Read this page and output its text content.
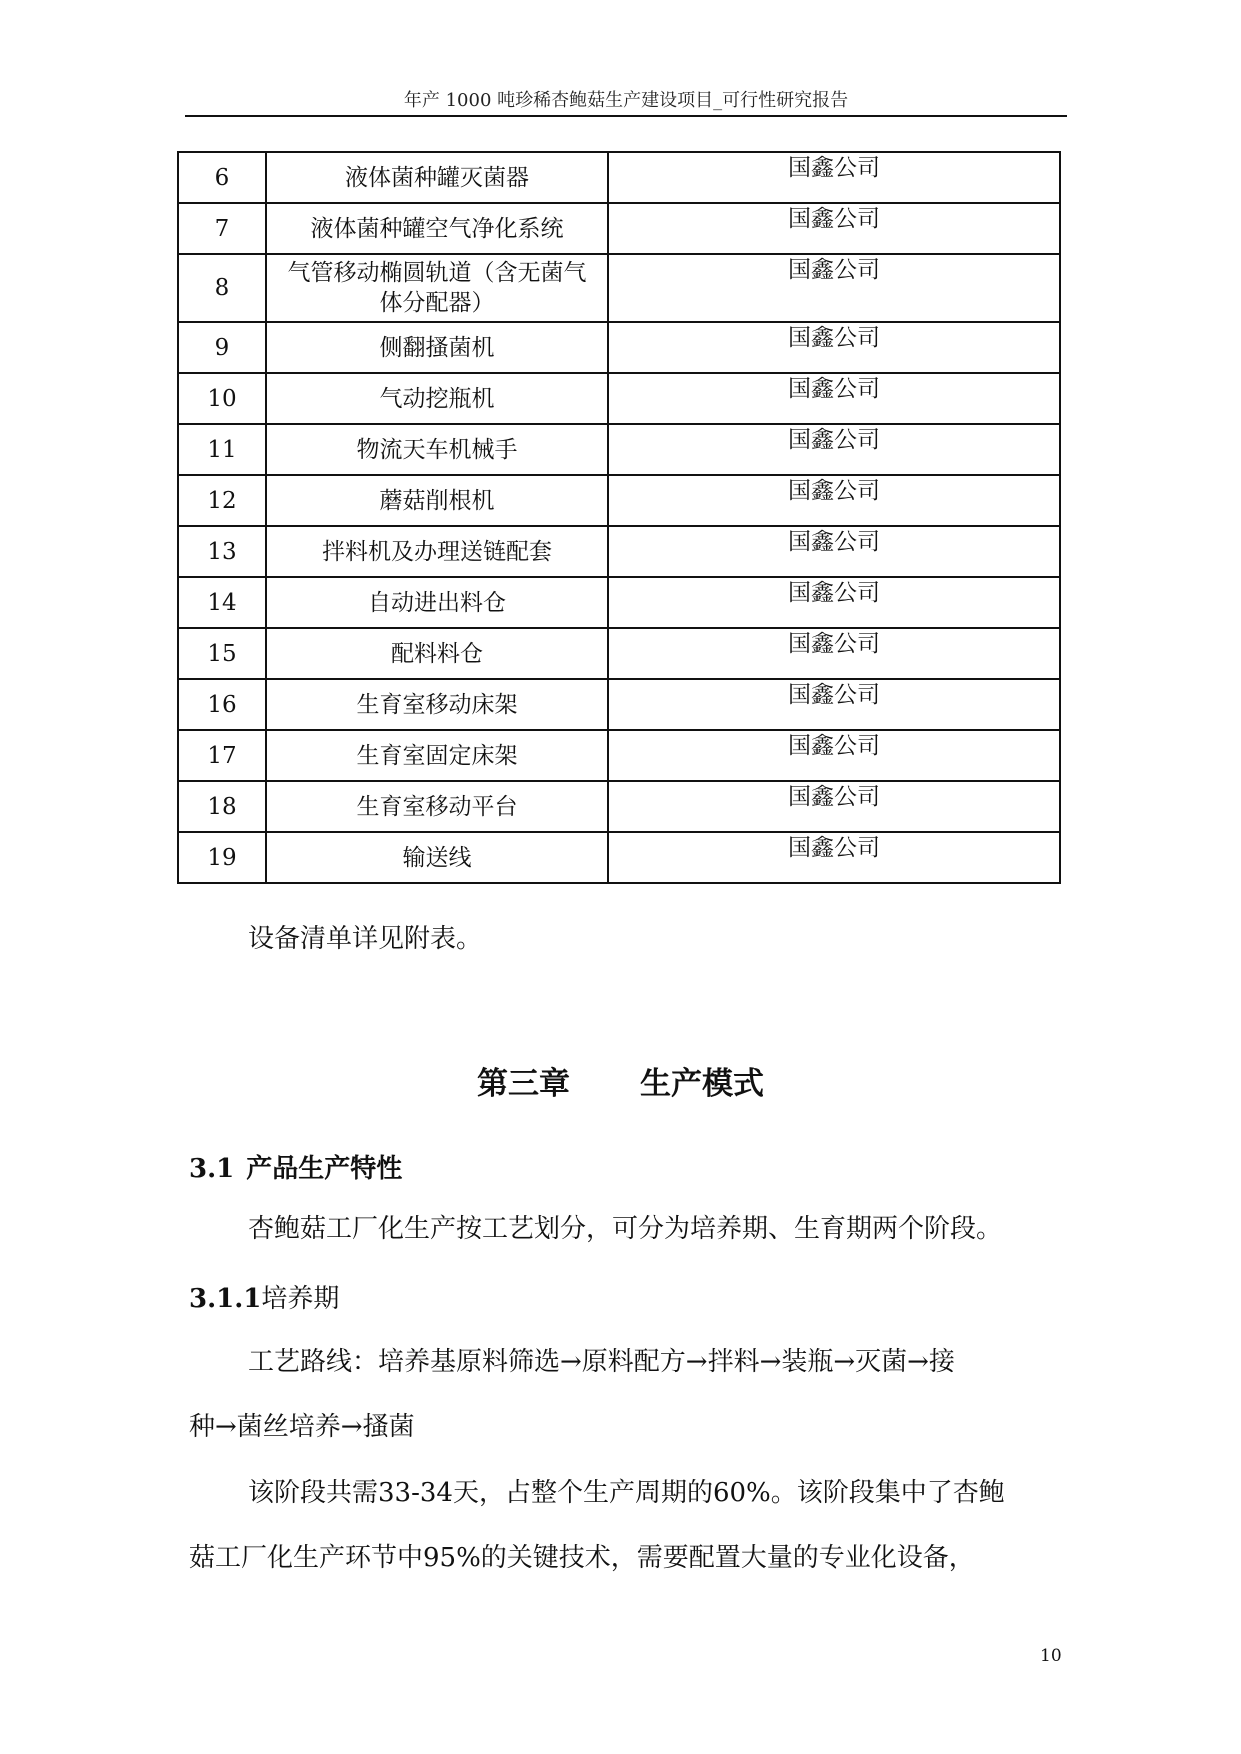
年产 1000 吨珍稀杏鲍菇生产建设项目_可行性研究报告
6	液体菌种罐灭菌器	国鑫公司
7	液体菌种罐空气净化系统	国鑫公司
8	气管移动椭圆轨道（含无菌气
体分配器）	国鑫公司
9	侧翻搔菌机	国鑫公司
10	气动挖瓶机	国鑫公司
11	物流天车机械手	国鑫公司
12	蘑菇削根机	国鑫公司
13	拌料机及办理送链配套	国鑫公司
14	自动进出料仓	国鑫公司
15	配料料仓	国鑫公司
16	生育室移动床架	国鑫公司
17	生育室固定床架	国鑫公司
18	生育室移动平台	国鑫公司
19	输送线	国鑫公司
设备清单详见附表。
第三章 生产模式
3.1 产品生产特性
杏鲍菇工厂化生产按工艺划分，可分为培养期、生育期两个阶段。
3.1.1培养期
工艺路线：培养基原料筛选→原料配方→拌料→装瓶→灭菌→接
种→菌丝培养→搔菌
该阶段共需33-34天，占整个生产周期的60%。该阶段集中了杏鲍
菇工厂化生产环节中95%的关键技术，需要配置大量的专业化设备，
10
